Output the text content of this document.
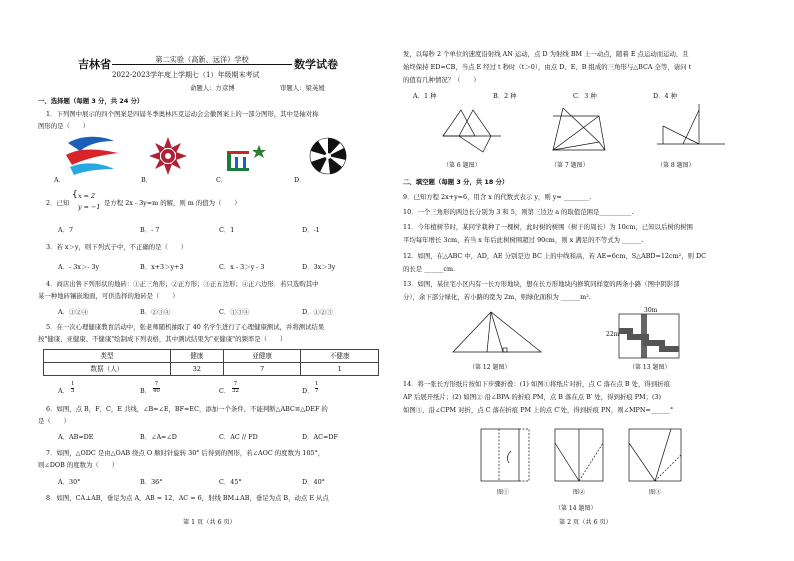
吉林省	第二实验（高新、远洋）学校	数学试卷
2022-2023学年度上学期七（1）年级期末考试
命题人：方彦博	审题人：梁英媛
一、选择题（每题 3 分，共 24 分）
1．下列图中展示的四个图案是四届冬季奥林匹克运动会会徽图案上的一部分图形，其中是轴对称
图形的是（　　）
A．	B．	C．	D．
2．已知
{ x = 2
y = −1 是方程 2x - 3y=m 的解，则 m 的值为（　　）
A．7	B．- 7	C．1	D．-1
3．若 x＞y，则下列式子中，不正确的是（　　）
A．- 3x＞- 3y	B．x+3＞y+3	C．x - 3＞y - 3	D．3x＞3y
4．商店出售下列形状的地砖：①正三角形；②正方形；③正五边形；④正六边形．若只选购其中
某一种地砖镶嵌地面，可供选择的地砖是（　　）
A．①②④	B．②③④	C．①③④	D．①②③
5．在一次心理健康教育活动中，张老师随机抽取了 40 名学生进行了心理健康测试，并将测试结果
按"健康、亚健康、不健康"绘制成下列表格，其中测试结果为"亚健康"的频率是（　　）
类型	健康	亚健康	不健康
数据（人）	32	7	1
A．
1
3	B．
7
40	C．
7
32	D．
1
7
6．如图，点 B，F，C，E 共线，∠B=∠E，BF=EC，添加一个条件，不能判断△ABC≌△DEF 的
是（　　）
A．AB=DE	B．∠A=∠D	C．AC // FD	D．AC=DF
7．如图，△ODC 是由△OAB 绕点 O 顺时针旋转 30° 后得到的图形，若∠AOC 的度数为 105°，
则∠DOB 的度数为（　　）
A．30°	B．36°	C．45°	D．40°
8．如图，CA⊥AB，垂足为点 A，AB = 12，AC = 6，射线 BM⊥AB，垂足为点 B，动点 E 从点
第 1 页（共 6 页）
发，以每秒 2 个单位的速度沿射线 AN 运动，点 D 为射线 BM 上一动点，随着 E 点运动而运动，且
始终保持 ED=CB，当点 E 经过 t 秒时（t＞0），由点 D、E、B 组成的三角形与△BCA 全等，请问 t
的值有几种情况？（　　）
A．1 种	B．2 种	C．3 种	D．4 种
（第 6 题图）	（第 7 题图）	（第 8 题图）
二、填空题（每题 3 分，共 18 分）
9．已知方程 2x+y=6，用含 x 的代数式表示 y，则 y= ________.
10．一个三角形的两边长分别为 3 和 5，则第三边边 a 的取值范围是__________.
11．今年植树节时，某同学栽种了一棵树，此时树的树围（树干的周长）为 10cm，已知以后树的树围
平均每年增长 3cm，若当 x 年后此树树围超过 90cm，则 x 满足的不等式为 ______.
12．如图，在△ABC 中，AD，AE 分别是边 BC 上的中线和高，若 AE=6cm，S△ABD=12cm²，则 DC
的长是 ______cm.
13．如图，某住宅小区内有一长方形地块，想在长方形地块内修筑同样宽的两条小路（图中阴影部
分），余下部分绿化，若小路的宽为 2m，则绿化面积为 ______m².
（第 12 题图）
30m
22m
（第 13 题图）
14．将一张长方形纸片按如下步骤折叠：(1) 如图①将纸片对折，点 C 落在点 B 处，得到折痕
AP 后展开纸片；(2) 如图② 沿∠BPA 的折痕 PM，点 B 落在点 B′ 处，得到折痕 PM；(3)
如图③，沿∠CPM 对折，点 C 落在折痕 PM 上的点 C′处，得到折痕 PN，则∠MPN=______°
图①	图②	图③
（第 14 题图）
第 2 页（共 6 页）
